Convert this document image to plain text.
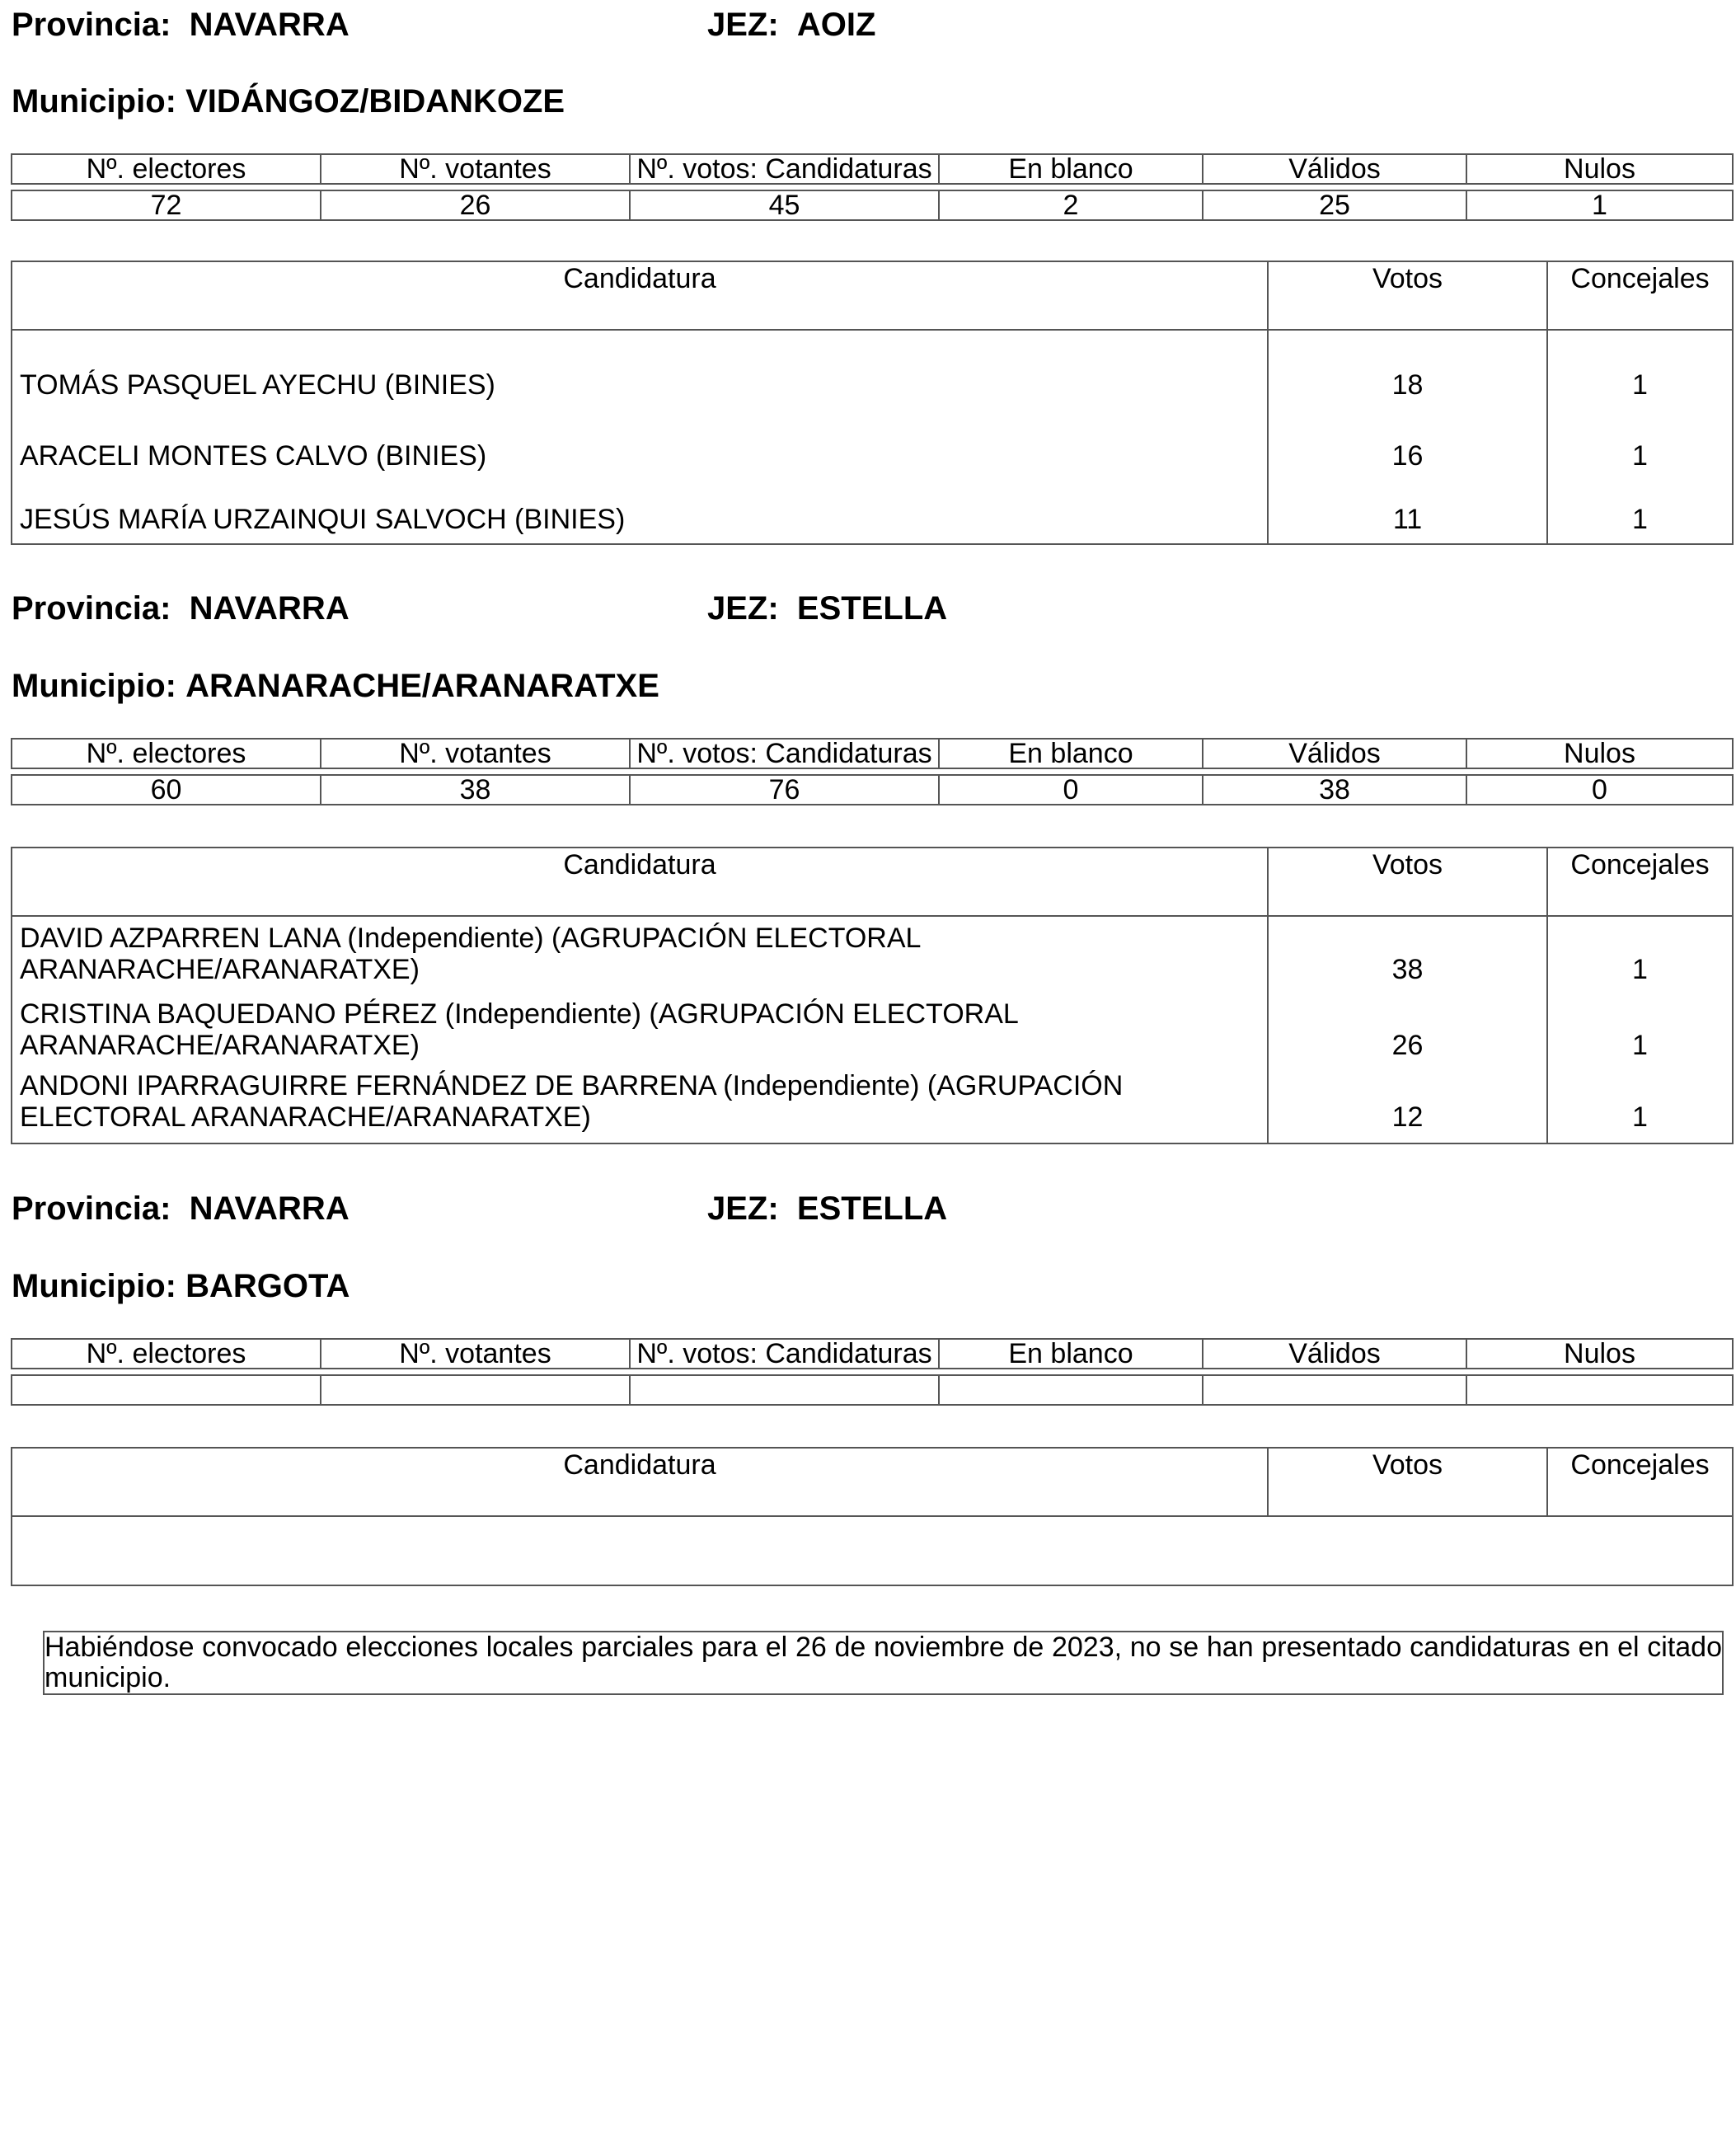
Provincia: NAVARRA	JEZ: AOIZ
Municipio: VIDÁNGOZ/BIDANKOZE
Nº. electores	Nº. votantes	Nº. votos: Candidaturas	En blanco	Válidos	Nulos

72	26	45	2	25	1
Candidatura	Votos	Concejales
TOMÁS PASQUEL AYECHU (BINIES)	18	1
ARACELI MONTES CALVO (BINIES)	16	1
JESÚS MARÍA URZAINQUI SALVOCH (BINIES)	11	1
Provincia: NAVARRA	JEZ: ESTELLA
Municipio: ARANARACHE/ARANARATXE
Nº. electores	Nº. votantes	Nº. votos: Candidaturas	En blanco	Válidos	Nulos

60	38	76	0	38	0
Candidatura	Votos	Concejales

DAVID AZPARREN LANA (Independiente) (AGRUPACIÓN ELECTORAL
ARANARACHE/ARANARATXE)	38	1

CRISTINA BAQUEDANO PÉREZ (Independiente) (AGRUPACIÓN ELECTORAL
ARANARACHE/ARANARATXE)	26	1

ANDONI IPARRAGUIRRE FERNÁNDEZ DE BARRENA (Independiente) (AGRUPACIÓN
ELECTORAL ARANARACHE/ARANARATXE)	12	1
Provincia: NAVARRA	JEZ: ESTELLA
Municipio: BARGOTA
Nº. electores	Nº. votantes	Nº. votos: Candidaturas	En blanco	Válidos	Nulos

Candidatura	Votos	Concejales

Habiéndose convocado elecciones locales parciales para el 26 de noviembre de 2023, no se han presentado candidaturas en el citado municipio.
